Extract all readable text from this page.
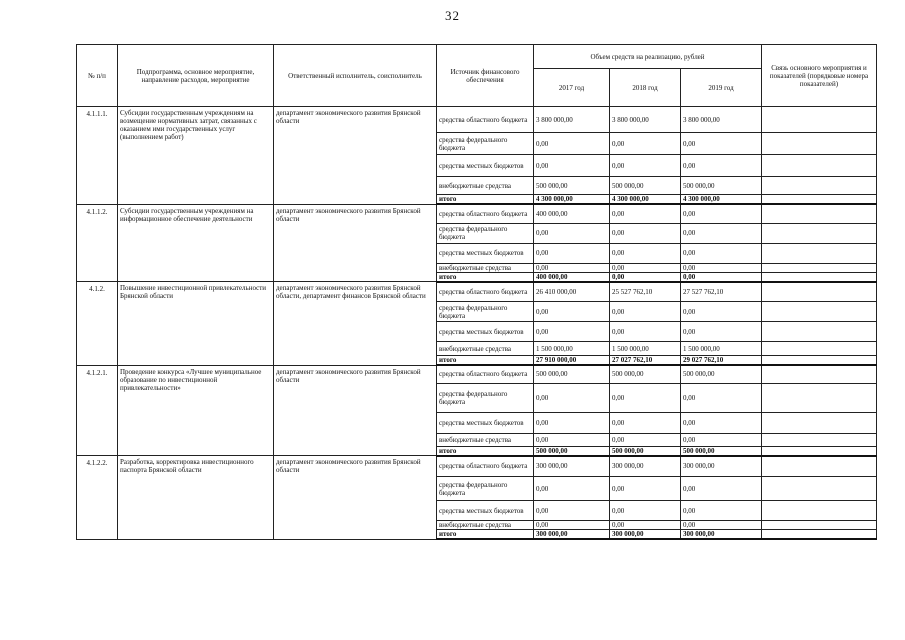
32
№ п/п	Подпрограмма, основное мероприятие, направление расходов, мероприятие	Ответственный исполнитель, соисполнитель	Источник финансового обеспечения	Объем средств на реализацию, рублей			Связь основного мероприятия и показателей (порядковые номера показателей)
				2017 год	2018 год	2019 год	
4.1.1.1.	Субсидии государственным учреждениям на возмещение нормативных затрат, связанных с оказанием ими государственных услуг (выполнением работ)	департамент экономического развития Брянской области	средства областного бюджета	3 800 000,00	3 800 000,00	3 800 000,00	
			средства федерального бюджета	0,00	0,00	0,00	
			средства местных бюджетов	0,00	0,00	0,00	
			внебюджетные средства	500 000,00	500 000,00	500 000,00	
			итого	4 300 000,00	4 300 000,00	4 300 000,00	
4.1.1.2.	Субсидии государственным учреждениям на информационное обеспечение деятельности	департамент экономического развития Брянской области	средства областного бюджета	400 000,00	0,00	0,00	
			средства федерального бюджета	0,00	0,00	0,00	
			средства местных бюджетов	0,00	0,00	0,00	
			внебюджетные средства	0,00	0,00	0,00	
			итого	400 000,00	0,00	0,00	
4.1.2.	Повышение инвестиционной привлекательности Брянской области	департамент экономического развития Брянской области, департамент финансов Брянской области	средства областного бюджета	26 410 000,00	25 527 762,10	27 527 762,10	
			средства федерального бюджета	0,00	0,00	0,00	
			средства местных бюджетов	0,00	0,00	0,00	
			внебюджетные средства	1 500 000,00	1 500 000,00	1 500 000,00	
			итого	27 910 000,00	27 027 762,10	29 027 762,10	
4.1.2.1.	Проведение конкурса «Лучшее муниципальное образование по инвестиционной привлекательности»	департамент экономического развития Брянской области	средства областного бюджета	500 000,00	500 000,00	500 000,00	
			средства федерального бюджета	0,00	0,00	0,00	
			средства местных бюджетов	0,00	0,00	0,00	
			внебюджетные средства	0,00	0,00	0,00	
			итого	500 000,00	500 000,00	500 000,00	
4.1.2.2.	Разработка, корректировка инвестиционного паспорта Брянской области	департамент экономического развития Брянской области	средства областного бюджета	300 000,00	300 000,00	300 000,00	
			средства федерального бюджета	0,00	0,00	0,00	
			средства местных бюджетов	0,00	0,00	0,00	
			внебюджетные средства	0,00	0,00	0,00	
			итого	300 000,00	300 000,00	300 000,00	
